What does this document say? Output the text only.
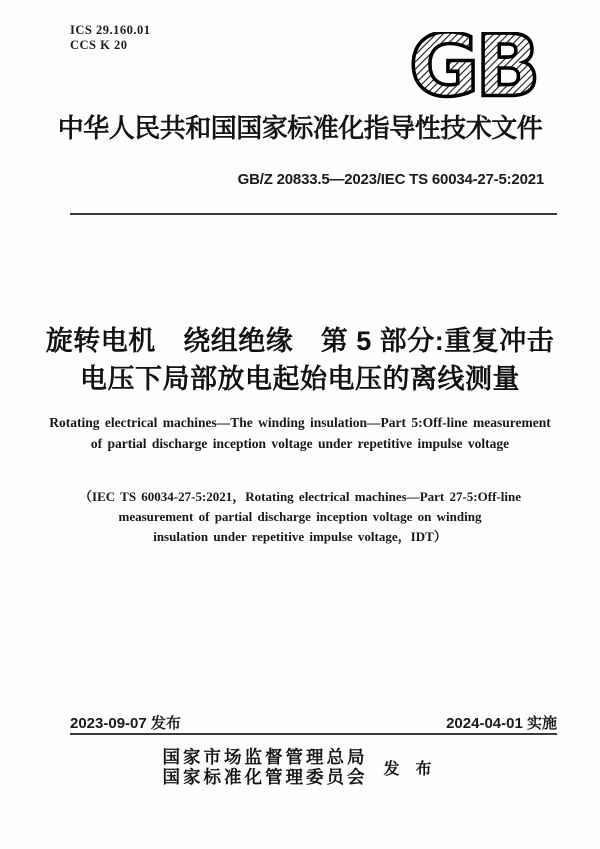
ICS 29.160.01
CCS K 20	GB
中华人民共和国国家标准化指导性技术文件
GB/Z 20833.5—2023/IEC TS 60034-27-5:2021
旋转电机　绕组绝缘　第 5 部分:重复冲击
电压下局部放电起始电压的离线测量
Rotating electrical machines—The winding insulation—Part 5:Off-line measurement
of partial discharge inception voltage under repetitive impulse voltage
（IEC TS 60034-27-5:2021，Rotating electrical machines—Part 27-5:Off-line
measurement of partial discharge inception voltage on winding
insulation under repetitive impulse voltage，IDT）
2023-09-07 发布	2024-04-01 实施
国家市场监督管理总局
国家标准化管理委员会 发 布
